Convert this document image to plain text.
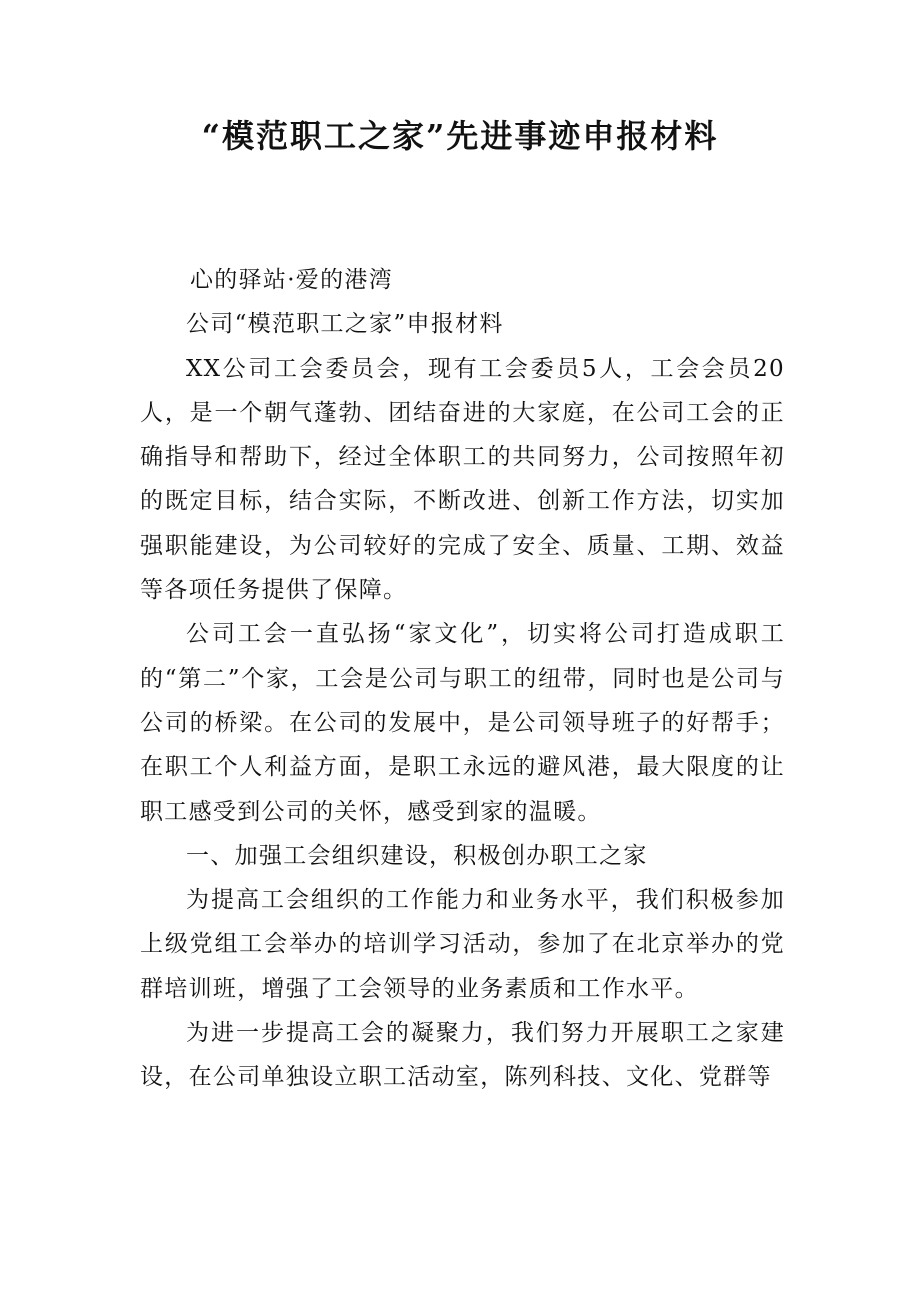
“模范职工之家”先进事迹申报材料

心的驿站·爱的港湾

公司“模范职工之家”申报材料

XX公司工会委员会，现有工会委员5人，工会会员20人，是一个朝气蓬勃、团结奋进的大家庭，在公司工会的正确指导和帮助下，经过全体职工的共同努力，公司按照年初的既定目标，结合实际，不断改进、创新工作方法，切实加强职能建设，为公司较好的完成了安全、质量、工期、效益等各项任务提供了保障。

公司工会一直弘扬“家文化”，切实将公司打造成职工的“第二”个家，工会是公司与职工的纽带，同时也是公司与公司的桥梁。在公司的发展中，是公司领导班子的好帮手；在职工个人利益方面，是职工永远的避风港，最大限度的让职工感受到公司的关怀，感受到家的温暖。

一、加强工会组织建设，积极创办职工之家

为提高工会组织的工作能力和业务水平，我们积极参加上级党组工会举办的培训学习活动，参加了在北京举办的党群培训班，增强了工会领导的业务素质和工作水平。

为进一步提高工会的凝聚力，我们努力开展职工之家建设，在公司单独设立职工活动室，陈列科技、文化、党群等
